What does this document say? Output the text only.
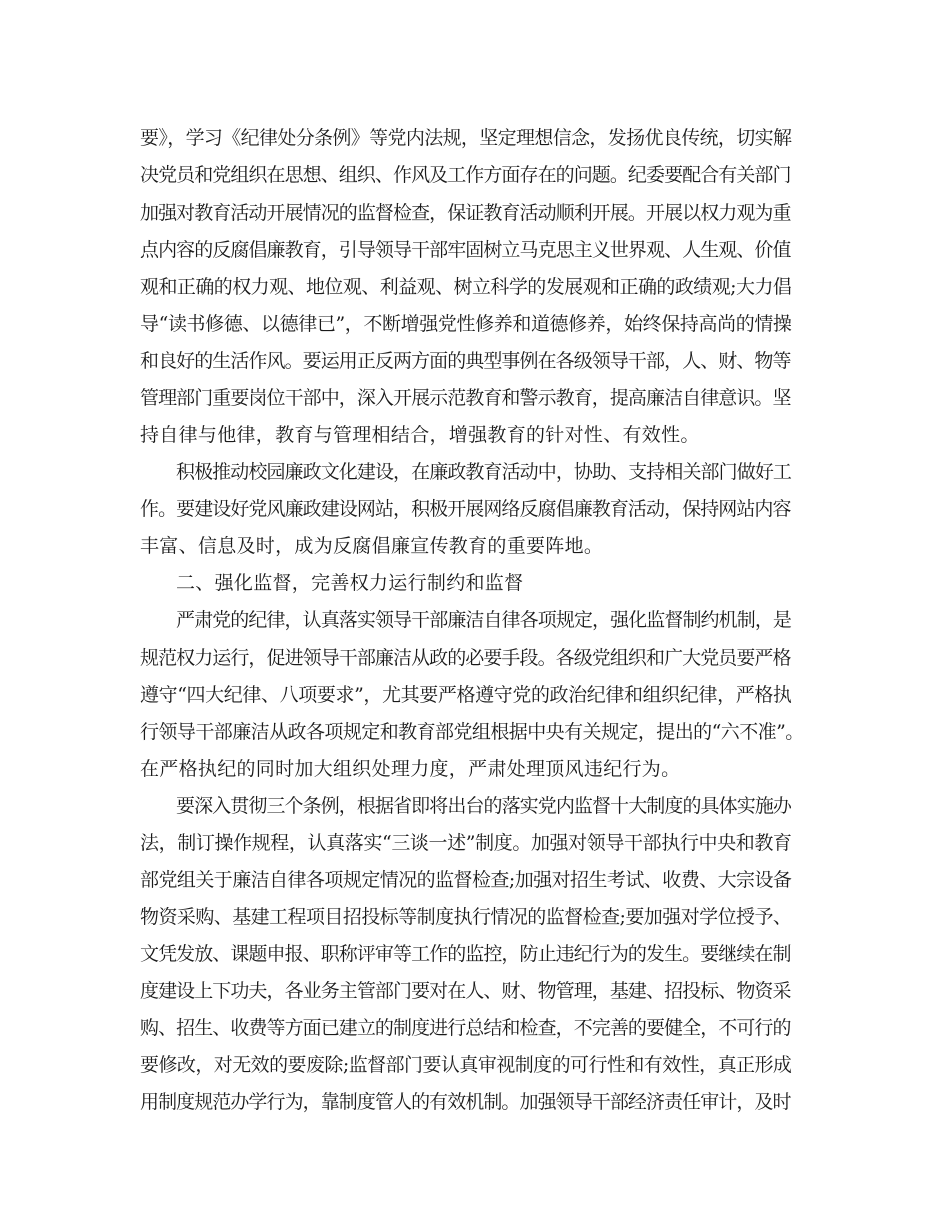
要》，学习《纪律处分条例》等党内法规，坚定理想信念，发扬优良传统，切实解
决党员和党组织在思想、组织、作风及工作方面存在的问题。纪委要配合有关部门
加强对教育活动开展情况的监督检查，保证教育活动顺利开展。开展以权力观为重
点内容的反腐倡廉教育，引导领导干部牢固树立马克思主义世界观、人生观、价值
观和正确的权力观、地位观、利益观、树立科学的发展观和正确的政绩观;大力倡
导“读书修德、以德律已”，不断增强党性修养和道德修养，始终保持高尚的情操
和良好的生活作风。要运用正反两方面的典型事例在各级领导干部，人、财、物等
管理部门重要岗位干部中，深入开展示范教育和警示教育，提高廉洁自律意识。坚
持自律与他律，教育与管理相结合，增强教育的针对性、有效性。
积极推动校园廉政文化建设，在廉政教育活动中，协助、支持相关部门做好工
作。要建设好党风廉政建设网站，积极开展网络反腐倡廉教育活动，保持网站内容
丰富、信息及时，成为反腐倡廉宣传教育的重要阵地。
二、强化监督，完善权力运行制约和监督
严肃党的纪律，认真落实领导干部廉洁自律各项规定，强化监督制约机制，是
规范权力运行，促进领导干部廉洁从政的必要手段。各级党组织和广大党员要严格
遵守“四大纪律、八项要求”，尤其要严格遵守党的政治纪律和组织纪律，严格执
行领导干部廉洁从政各项规定和教育部党组根据中央有关规定，提出的“六不准”。
在严格执纪的同时加大组织处理力度，严肃处理顶风违纪行为。
要深入贯彻三个条例，根据省即将出台的落实党内监督十大制度的具体实施办
法，制订操作规程，认真落实“三谈一述”制度。加强对领导干部执行中央和教育
部党组关于廉洁自律各项规定情况的监督检查;加强对招生考试、收费、大宗设备
物资采购、基建工程项目招投标等制度执行情况的监督检查;要加强对学位授予、
文凭发放、课题申报、职称评审等工作的监控，防止违纪行为的发生。要继续在制
度建设上下功夫，各业务主管部门要对在人、财、物管理，基建、招投标、物资采
购、招生、收费等方面已建立的制度进行总结和检查，不完善的要健全，不可行的
要修改，对无效的要废除;监督部门要认真审视制度的可行性和有效性，真正形成
用制度规范办学行为，靠制度管人的有效机制。加强领导干部经济责任审计，及时
